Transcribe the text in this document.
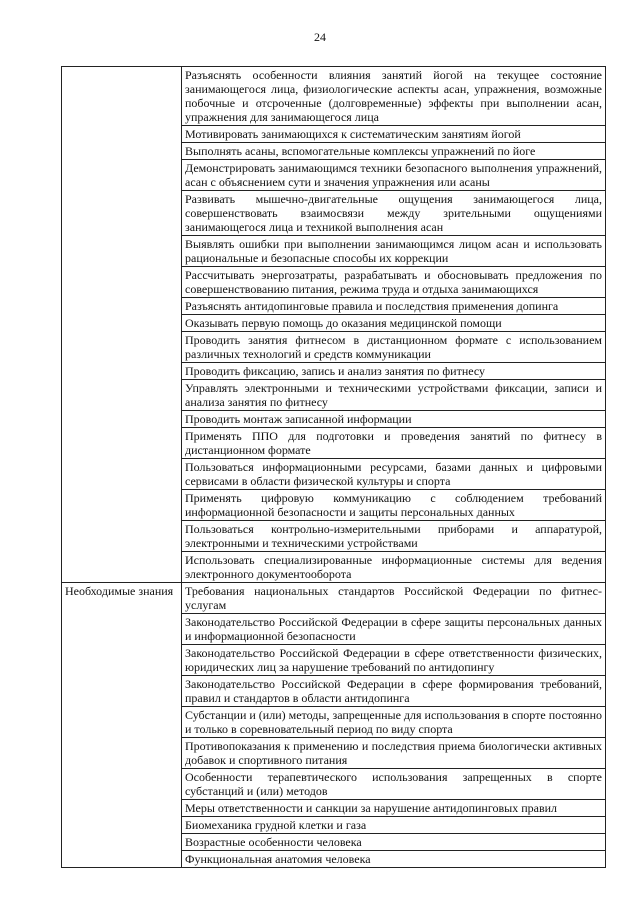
24
	Разъяснять особенности влияния занятий йогой на текущее состояние занимающегося лица, физиологические аспекты асан, упражнения, возможные побочные и отсроченные (долговременные) эффекты при выполнении асан, упражнения для занимающегося лица
	Мотивировать занимающихся к систематическим занятиям йогой
	Выполнять асаны, вспомогательные комплексы упражнений по йоге
	Демонстрировать занимающимся техники безопасного выполнения упражнений, асан с объяснением сути и значения упражнения или асаны
	Развивать мышечно-двигательные ощущения занимающегося лица, совершенствовать взаимосвязи между зрительными ощущениями занимающегося лица и техникой выполнения асан
	Выявлять ошибки при выполнении занимающимся лицом асан и использовать рациональные и безопасные способы их коррекции
	Рассчитывать энергозатраты, разрабатывать и обосновывать предложения по совершенствованию питания, режима труда и отдыха занимающихся
	Разъяснять антидопинговые правила и последствия применения допинга
	Оказывать первую помощь до оказания медицинской помощи
	Проводить занятия фитнесом в дистанционном формате с использованием различных технологий и средств коммуникации
	Проводить фиксацию, запись и анализ занятия по фитнесу
	Управлять электронными и техническими устройствами фиксации, записи и анализа занятия по фитнесу
	Проводить монтаж записанной информации
	Применять ППО для подготовки и проведения занятий по фитнесу в дистанционном формате
	Пользоваться информационными ресурсами, базами данных и цифровыми сервисами в области физической культуры и спорта
	Применять цифровую коммуникацию с соблюдением требований информационной безопасности и защиты персональных данных
	Пользоваться контрольно-измерительными приборами и аппаратурой, электронными и техническими устройствами
	Использовать специализированные информационные системы для ведения электронного документооборота
Необходимые знания	Требования национальных стандартов Российской Федерации по фитнес-услугам
	Законодательство Российской Федерации в сфере защиты персональных данных и информационной безопасности
	Законодательство Российской Федерации в сфере ответственности физических, юридических лиц за нарушение требований по антидопингу
	Законодательство Российской Федерации в сфере формирования требований, правил и стандартов в области антидопинга
	Субстанции и (или) методы, запрещенные для использования в спорте постоянно и только в соревновательный период по виду спорта
	Противопоказания к применению и последствия приема биологически активных добавок и спортивного питания
	Особенности терапевтического использования запрещенных в спорте субстанций и (или) методов
	Меры ответственности и санкции за нарушение антидопинговых правил
	Биомеханика грудной клетки и газа
	Возрастные особенности человека
	Функциональная анатомия человека
